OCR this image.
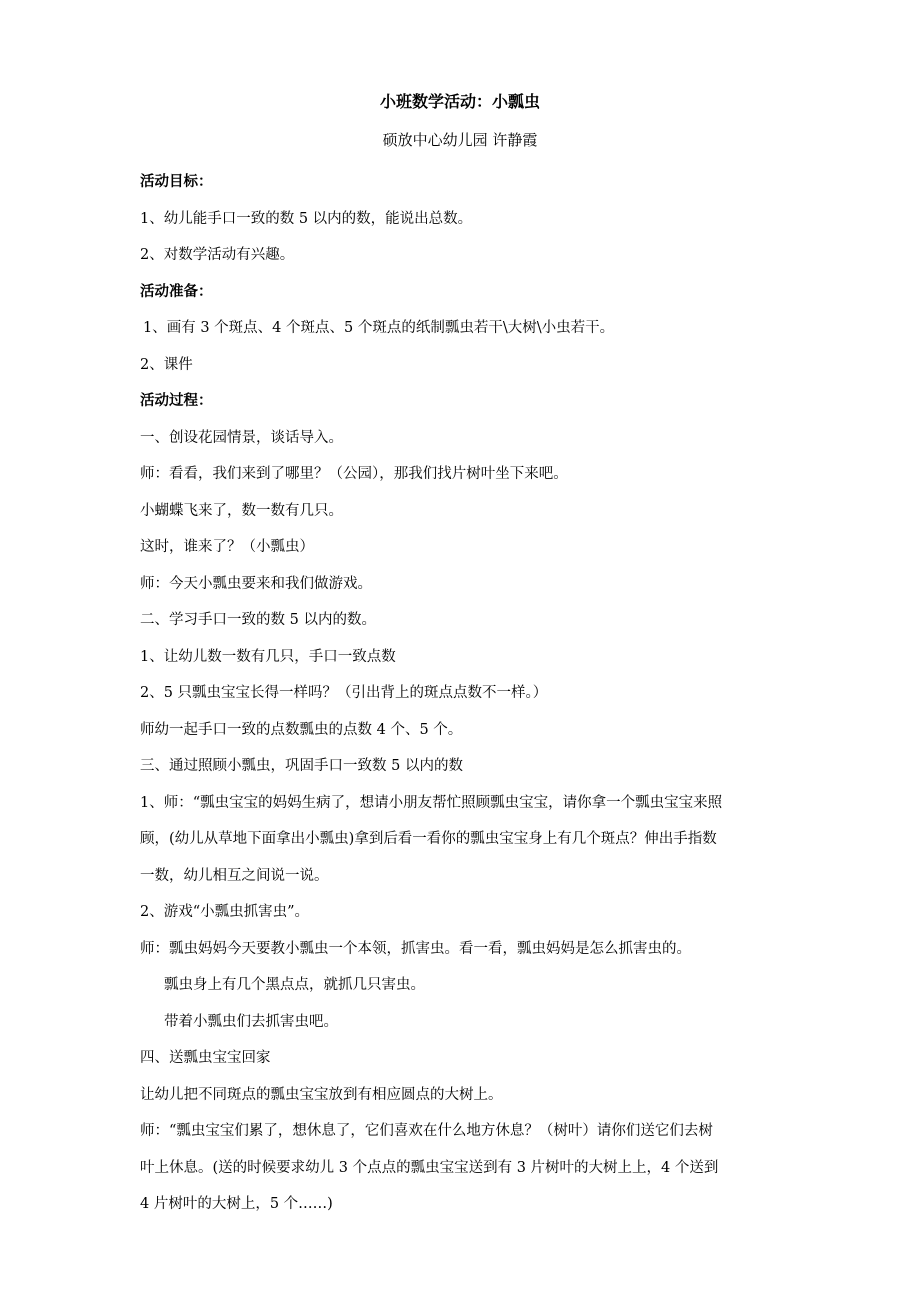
小班数学活动：小瓢虫

硕放中心幼儿园 许静霞

活动目标：

1、幼儿能手口一致的数 5 以内的数，能说出总数。

2、对数学活动有兴趣。

活动准备：

1、画有 3 个斑点、4 个斑点、5 个斑点的纸制瓢虫若干\大树\小虫若干。

2、课件

活动过程：

一、创设花园情景，谈话导入。

师：看看，我们来到了哪里？（公园），那我们找片树叶坐下来吧。

小蝴蝶飞来了，数一数有几只。

这时，谁来了？（小瓢虫）

师：今天小瓢虫要来和我们做游戏。

二、学习手口一致的数 5 以内的数。

1、让幼儿数一数有几只，手口一致点数

2、5 只瓢虫宝宝长得一样吗？（引出背上的斑点点数不一样。）

师幼一起手口一致的点数瓢虫的点数 4 个、5 个。

三、通过照顾小瓢虫，巩固手口一致数 5 以内的数

1、师：“瓢虫宝宝的妈妈生病了，想请小朋友帮忙照顾瓢虫宝宝，请你拿一个瓢虫宝宝来照

顾，(幼儿从草地下面拿出小瓢虫)拿到后看一看你的瓢虫宝宝身上有几个斑点？伸出手指数

一数，幼儿相互之间说一说。

2、游戏“小瓢虫抓害虫”。

师：瓢虫妈妈今天要教小瓢虫一个本领，抓害虫。看一看，瓢虫妈妈是怎么抓害虫的。

瓢虫身上有几个黑点点，就抓几只害虫。

带着小瓢虫们去抓害虫吧。

四、送瓢虫宝宝回家

让幼儿把不同斑点的瓢虫宝宝放到有相应圆点的大树上。

师：“瓢虫宝宝们累了，想休息了，它们喜欢在什么地方休息？（树叶）请你们送它们去树

叶上休息。(送的时候要求幼儿 3 个点点的瓢虫宝宝送到有 3 片树叶的大树上上，4 个送到

4 片树叶的大树上，5 个……)
